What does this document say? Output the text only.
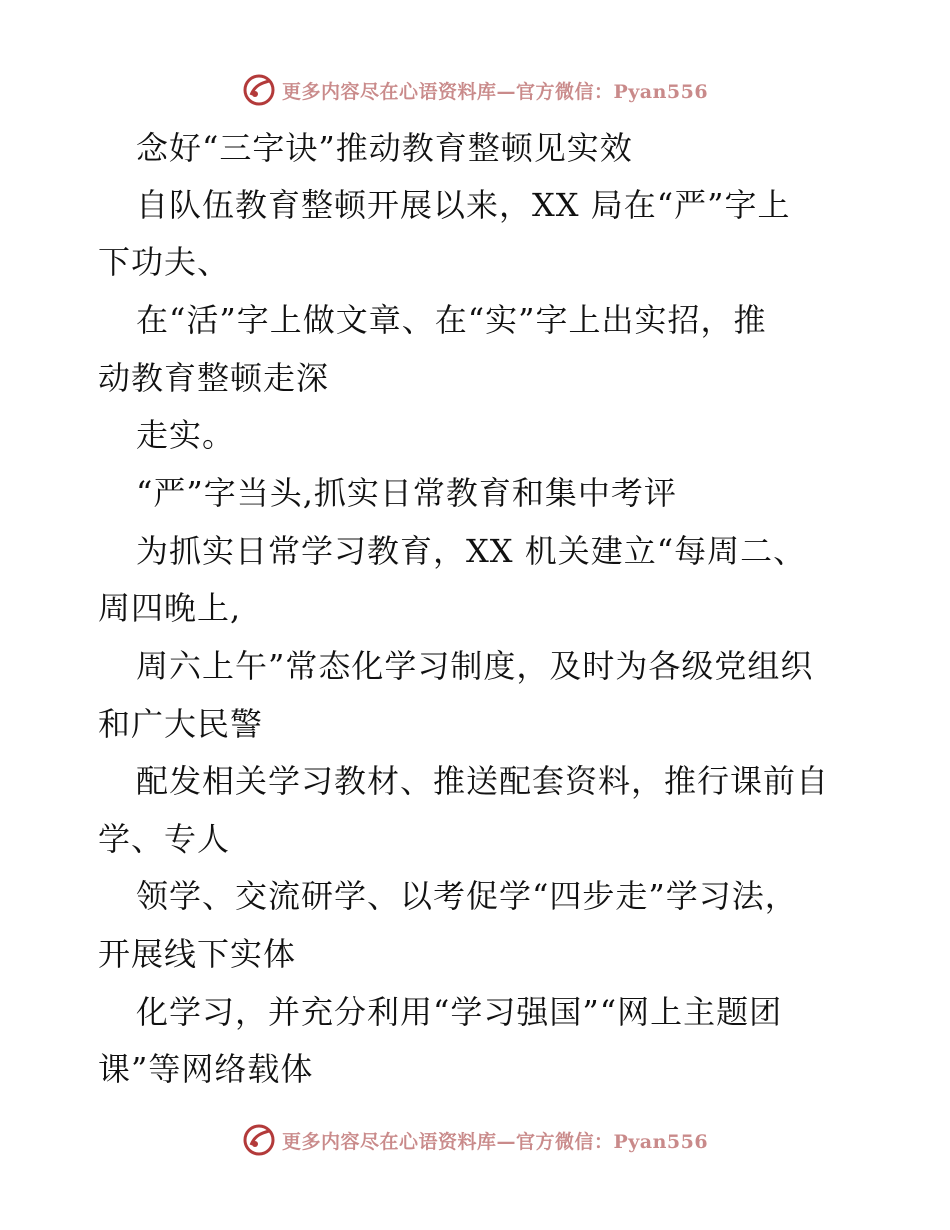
更多内容尽在心语资料库—官方微信：Pyan556
念好“三字诀”推动教育整顿见实效
自队伍教育整顿开展以来，XX 局在“严”字上
下功夫、
在“活”字上做文章、在“实”字上出实招，推
动教育整顿走深
走实。
“严”字当头,抓实日常教育和集中考评
为抓实日常学习教育，XX 机关建立“每周二、
周四晚上,
周六上午”常态化学习制度，及时为各级党组织
和广大民警
配发相关学习教材、推送配套资料，推行课前自
学、专人
领学、交流研学、以考促学“四步走”学习法，
开展线下实体
化学习，并充分利用“学习强国”“网上主题团
课”等网络载体
更多内容尽在心语资料库—官方微信：Pyan556
